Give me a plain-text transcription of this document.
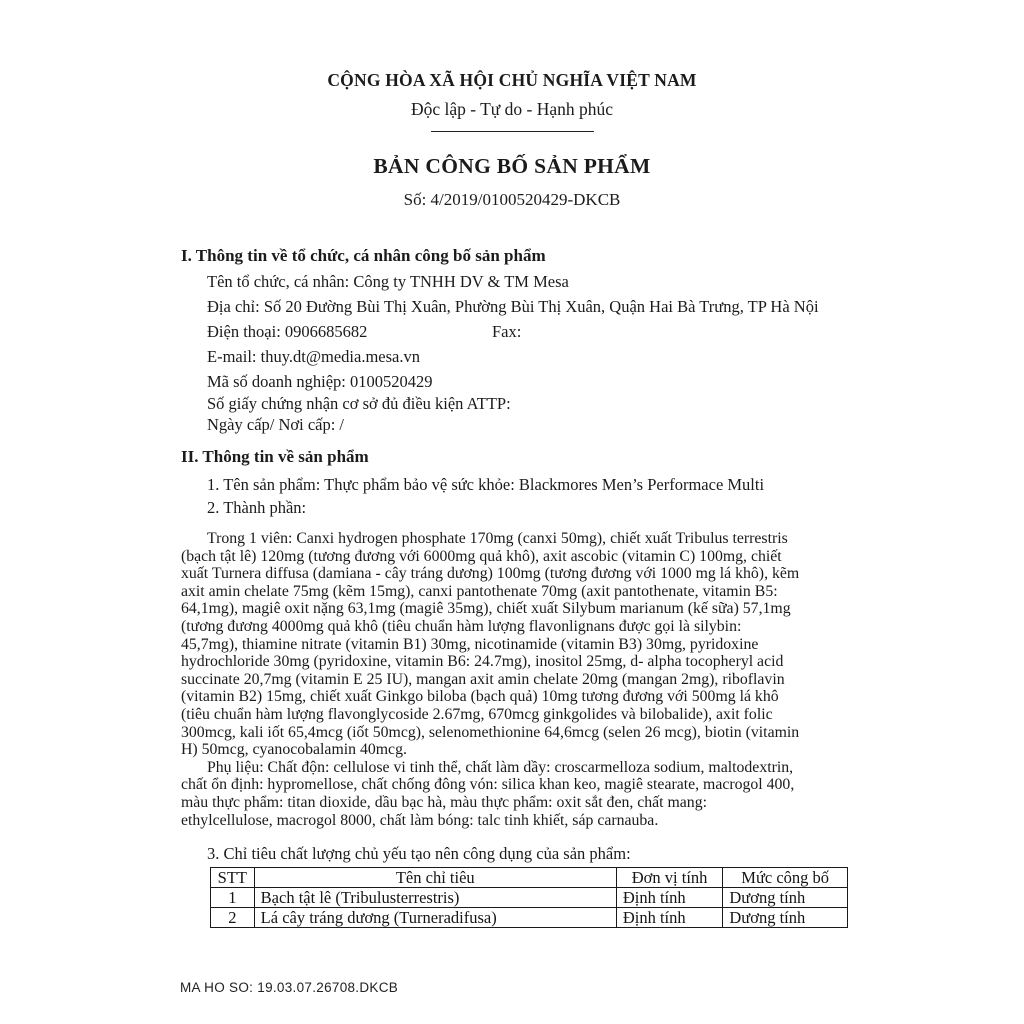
CỘNG HÒA XÃ HỘI CHỦ NGHĨA VIỆT NAM
Độc lập - Tự do - Hạnh phúc
BẢN CÔNG BỐ SẢN PHẨM
Số: 4/2019/0100520429-DKCB
I. Thông tin về tổ chức, cá nhân công bố sản phẩm
Tên tổ chức, cá nhân: Công ty TNHH DV & TM Mesa
Địa chỉ: Số 20 Đường Bùi Thị Xuân, Phường Bùi Thị Xuân, Quận Hai Bà Trưng, TP Hà Nội
Điện thoại: 0906685682	Fax:
E-mail: thuy.dt@media.mesa.vn
Mã số doanh nghiệp: 0100520429
Số giấy chứng nhận cơ sở đủ điều kiện ATTP:
Ngày cấp/ Nơi cấp: /
II. Thông tin về sản phẩm
1. Tên sản phẩm: Thực phẩm bảo vệ sức khỏe: Blackmores Men’s Performace Multi
2. Thành phần:
Trong 1 viên: Canxi hydrogen phosphate 170mg (canxi 50mg), chiết xuất Tribulus terrestris
(bạch tật lê) 120mg (tương đương với 6000mg quả khô), axit ascobic (vitamin C) 100mg, chiết
xuất Turnera diffusa (damiana - cây tráng dương) 100mg (tương đương với 1000 mg lá khô), kẽm
axit amin chelate 75mg (kẽm 15mg), canxi pantothenate 70mg (axit pantothenate, vitamin B5:
64,1mg), magiê oxit nặng 63,1mg (magiê 35mg), chiết xuất Silybum marianum (kế sữa) 57,1mg
(tương đương 4000mg quả khô (tiêu chuẩn hàm lượng flavonlignans được gọi là silybin:
45,7mg), thiamine nitrate (vitamin B1) 30mg, nicotinamide (vitamin B3) 30mg, pyridoxine
hydrochloride 30mg (pyridoxine, vitamin B6: 24.7mg), inositol 25mg, d- alpha tocopheryl acid
succinate 20,7mg (vitamin E 25 IU), mangan axit amin chelate 20mg (mangan 2mg), riboflavin
(vitamin B2) 15mg, chiết xuất Ginkgo biloba (bạch quả) 10mg tương đương với 500mg lá khô
(tiêu chuẩn hàm lượng flavonglycoside 2.67mg, 670mcg ginkgolides và bilobalide), axit folic
300mcg, kali iốt 65,4mcg (iốt 50mcg), selenomethionine 64,6mcg (selen 26 mcg), biotin (vitamin
H) 50mcg, cyanocobalamin 40mcg.
Phụ liệu: Chất độn: cellulose vi tinh thể, chất làm dầy: croscarmelloza sodium, maltodextrin,
chất ổn định: hypromellose, chất chống đông vón: silica khan keo, magiê stearate, macrogol 400,
màu thực phẩm: titan dioxide, dầu bạc hà, màu thực phẩm: oxit sắt đen, chất mang:
ethylcellulose, macrogol 8000, chất làm bóng: talc tinh khiết, sáp carnauba.
3. Chỉ tiêu chất lượng chủ yếu tạo nên công dụng của sản phẩm:
STT	Tên chỉ tiêu	Đơn vị tính	Mức công bố
1	Bạch tật lê (Tribulusterrestris)	Định tính	Dương tính
2	Lá cây tráng dương (Turneradifusa)	Định tính	Dương tính
MA HO SO: 19.03.07.26708.DKCB
